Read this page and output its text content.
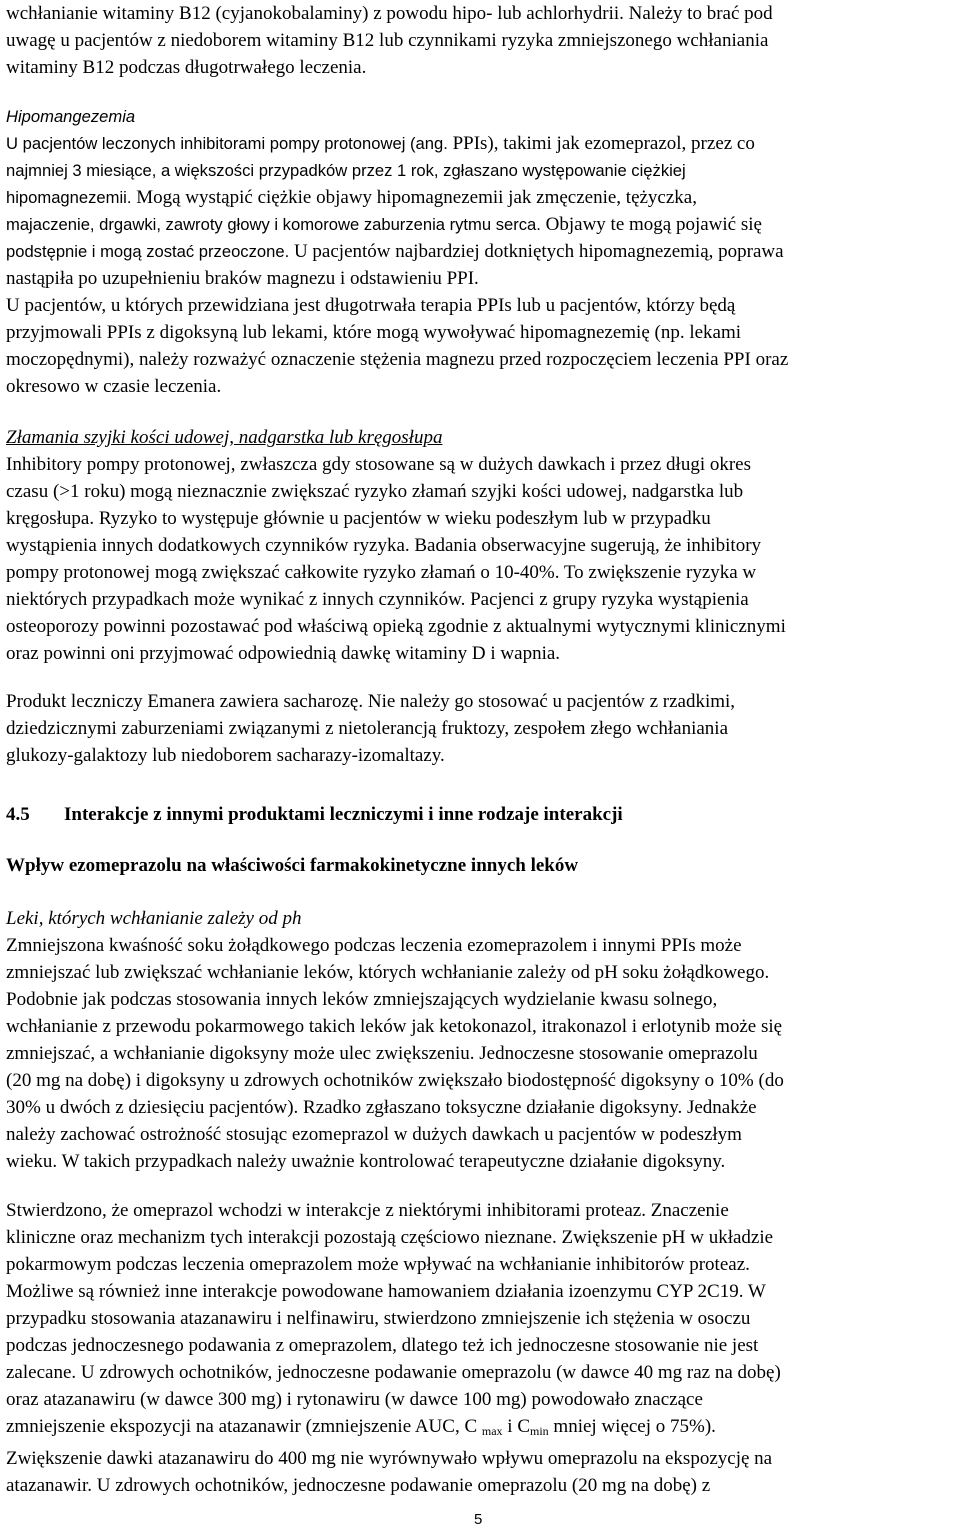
wchłanianie witaminy B12 (cyjanokobalaminy) z powodu hipo- lub achlorhydrii. Należy to brać pod

uwagę u pacjentów z niedoborem witaminy B12 lub czynnikami ryzyka zmniejszonego wchłaniania

witaminy B12 podczas długotrwałego leczenia.

Hipomangezemia

U pacjentów leczonych inhibitorami pompy protonowej (ang. PPIs), takimi jak ezomeprazol, przez co

najmniej 3 miesiące, a większości przypadków przez 1 rok, zgłaszano występowanie ciężkiej

hipomagnezemii. Mogą wystąpić ciężkie objawy hipomagnezemii jak zmęczenie, tężyczka,

majaczenie, drgawki, zawroty głowy i komorowe zaburzenia rytmu serca. Objawy te mogą pojawić się

podstępnie i mogą zostać przeoczone. U pacjentów najbardziej dotkniętych hipomagnezemią, poprawa

nastąpiła po uzupełnieniu braków magnezu i odstawieniu PPI.

U pacjentów, u których przewidziana jest długotrwała terapia PPIs lub u pacjentów, którzy będą

przyjmowali PPIs z digoksyną lub lekami, które mogą wywoływać hipomagnezemię (np. lekami

moczopędnymi), należy rozważyć oznaczenie stężenia magnezu przed rozpoczęciem leczenia PPI oraz

okresowo w czasie leczenia.

Złamania szyjki kości udowej, nadgarstka lub kręgosłupa

Inhibitory pompy protonowej, zwłaszcza gdy stosowane są w dużych dawkach i przez długi okres

czasu (>1 roku) mogą nieznacznie zwiększać ryzyko złamań szyjki kości udowej, nadgarstka lub

kręgosłupa. Ryzyko to występuje głównie u pacjentów w wieku podeszłym lub w przypadku

wystąpienia innych dodatkowych czynników ryzyka. Badania obserwacyjne sugerują, że inhibitory

pompy protonowej mogą zwiększać całkowite ryzyko złamań o 10-40%. To zwiększenie ryzyka w

niektórych przypadkach może wynikać z innych czynników. Pacjenci z grupy ryzyka wystąpienia

osteoporozy powinni pozostawać pod właściwą opieką zgodnie z aktualnymi wytycznymi klinicznymi

oraz powinni oni przyjmować odpowiednią dawkę witaminy D i wapnia.

Produkt leczniczy Emanera zawiera sacharozę. Nie należy go stosować u pacjentów z rzadkimi,

dziedzicznymi zaburzeniami związanymi z nietolerancją fruktozy, zespołem złego wchłaniania

glukozy-galaktozy lub niedoborem sacharazy-izomaltazy.

4.5 Interakcje z innymi produktami leczniczymi i inne rodzaje interakcji

Wpływ ezomeprazolu na właściwości farmakokinetyczne innych leków

Leki, których wchłanianie zależy od ph

Zmniejszona kwaśność soku żołądkowego podczas leczenia ezomeprazolem i innymi PPIs może

zmniejszać lub zwiększać wchłanianie leków, których wchłanianie zależy od pH soku żołądkowego.

Podobnie jak podczas stosowania innych leków zmniejszających wydzielanie kwasu solnego,

wchłanianie z przewodu pokarmowego takich leków jak ketokonazol, itrakonazol i erlotynib może się

zmniejszać, a wchłanianie digoksyny może ulec zwiększeniu. Jednoczesne stosowanie omeprazolu

(20 mg na dobę) i digoksyny u zdrowych ochotników zwiększało biodostępność digoksyny o 10% (do

30% u dwóch z dziesięciu pacjentów). Rzadko zgłaszano toksyczne działanie digoksyny. Jednakże

należy zachować ostrożność stosując ezomeprazol w dużych dawkach u pacjentów w podeszłym

wieku. W takich przypadkach należy uważnie kontrolować terapeutyczne działanie digoksyny.

Stwierdzono, że omeprazol wchodzi w interakcje z niektórymi inhibitorami proteaz. Znaczenie

kliniczne oraz mechanizm tych interakcji pozostają częściowo nieznane. Zwiększenie pH w układzie

pokarmowym podczas leczenia omeprazolem może wpływać na wchłanianie inhibitorów proteaz.

Możliwe są również inne interakcje powodowane hamowaniem działania izoenzymu CYP 2C19. W

przypadku stosowania atazanawiru i nelfinawiru, stwierdzono zmniejszenie ich stężenia w osoczu

podczas jednoczesnego podawania z omeprazolem, dlatego też ich jednoczesne stosowanie nie jest

zalecane. U zdrowych ochotników, jednoczesne podawanie omeprazolu (w dawce 40 mg raz na dobę)

oraz atazanawiru (w dawce 300 mg) i rytonawiru (w dawce 100 mg) powodowało znaczące

zmniejszenie ekspozycji na atazanawir (zmniejszenie AUC, C $_{max}$ i $C_{min}$ mniej więcej o 75%).

Zwiększenie dawki atazanawiru do 400 mg nie wyrównywało wpływu omeprazolu na ekspozycję na

atazanawir. U zdrowych ochotników, jednoczesne podawanie omeprazolu (20 mg na dobę) z

5
